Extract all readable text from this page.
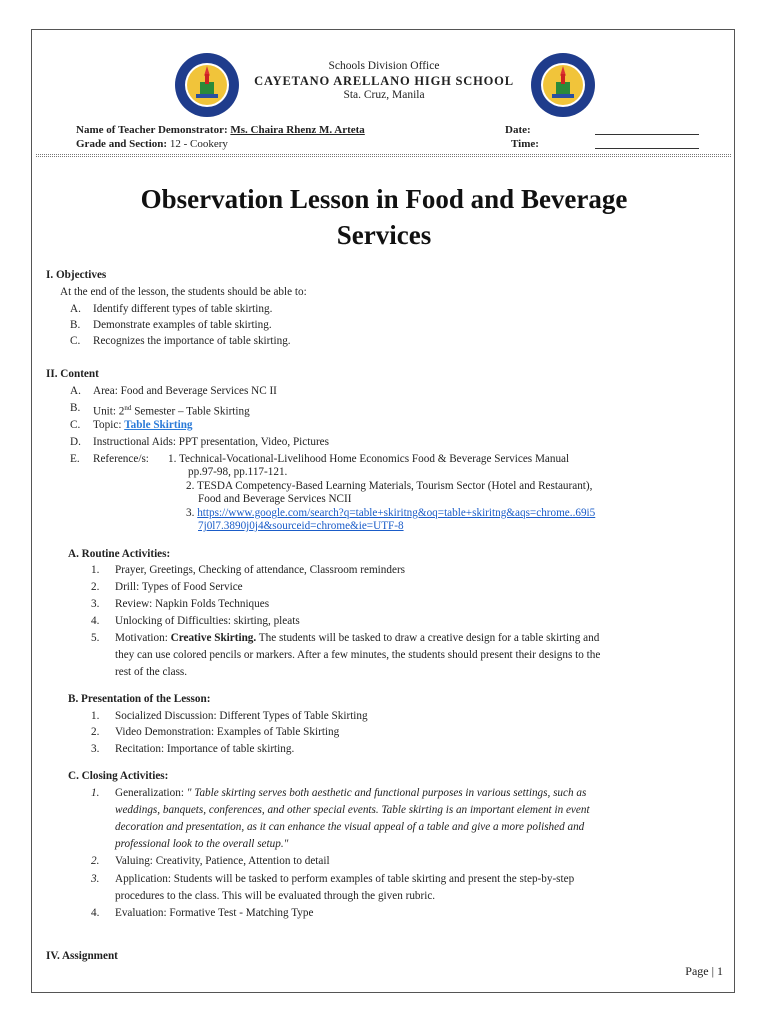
Schools Division Office
CAYETANO ARELLANO HIGH SCHOOL
Sta. Cruz, Manila
Name of Teacher Demonstrator: Ms. Chaira Rhenz M. Arteta
Grade and Section: 12 - Cookery
Date:
Time:
Observation Lesson in Food and Beverage
Services
I. Objectives
At the end of the lesson, the students should be able to:
A. Identify different types of table skirting.
B. Demonstrate examples of table skirting.
C. Recognizes the importance of table skirting.
II. Content
A. Area: Food and Beverage Services NC II
B. Unit: 2nd Semester – Table Skirting
C. Topic: Table Skirting
D. Instructional Aids: PPT presentation, Video, Pictures
E. Reference/s: 1. Technical-Vocational-Livelihood Home Economics Food & Beverage Services Manual
pp.97-98, pp.117-121.
2. TESDA Competency-Based Learning Materials, Tourism Sector (Hotel and Restaurant),
Food and Beverage Services NCII
3. https://www.google.com/search?q=table+skiritng&oq=table+skiritng&aqs=chrome..69i5
7j0l7.3890j0j4&sourceid=chrome&ie=UTF-8
A. Routine Activities:
1. Prayer, Greetings, Checking of attendance, Classroom reminders
2. Drill: Types of Food Service
3. Review: Napkin Folds Techniques
4. Unlocking of Difficulties: skirting, pleats
5. Motivation: Creative Skirting. The students will be tasked to draw a creative design for a table skirting and
they can use colored pencils or markers. After a few minutes, the students should present their designs to the
rest of the class.
B. Presentation of the Lesson:
1. Socialized Discussion: Different Types of Table Skirting
2. Video Demonstration: Examples of Table Skirting
3. Recitation: Importance of table skirting.
C. Closing Activities:
1. Generalization: " Table skirting serves both aesthetic and functional purposes in various settings, such as
weddings, banquets, conferences, and other special events. Table skirting is an important element in event
decoration and presentation, as it can enhance the visual appeal of a table and give a more polished and
professional look to the overall setup."
2. Valuing: Creativity, Patience, Attention to detail
3. Application: Students will be tasked to perform examples of table skirting and present the step-by-step
procedures to the class. This will be evaluated through the given rubric.
4. Evaluation: Formative Test - Matching Type
IV. Assignment
Page | 1
